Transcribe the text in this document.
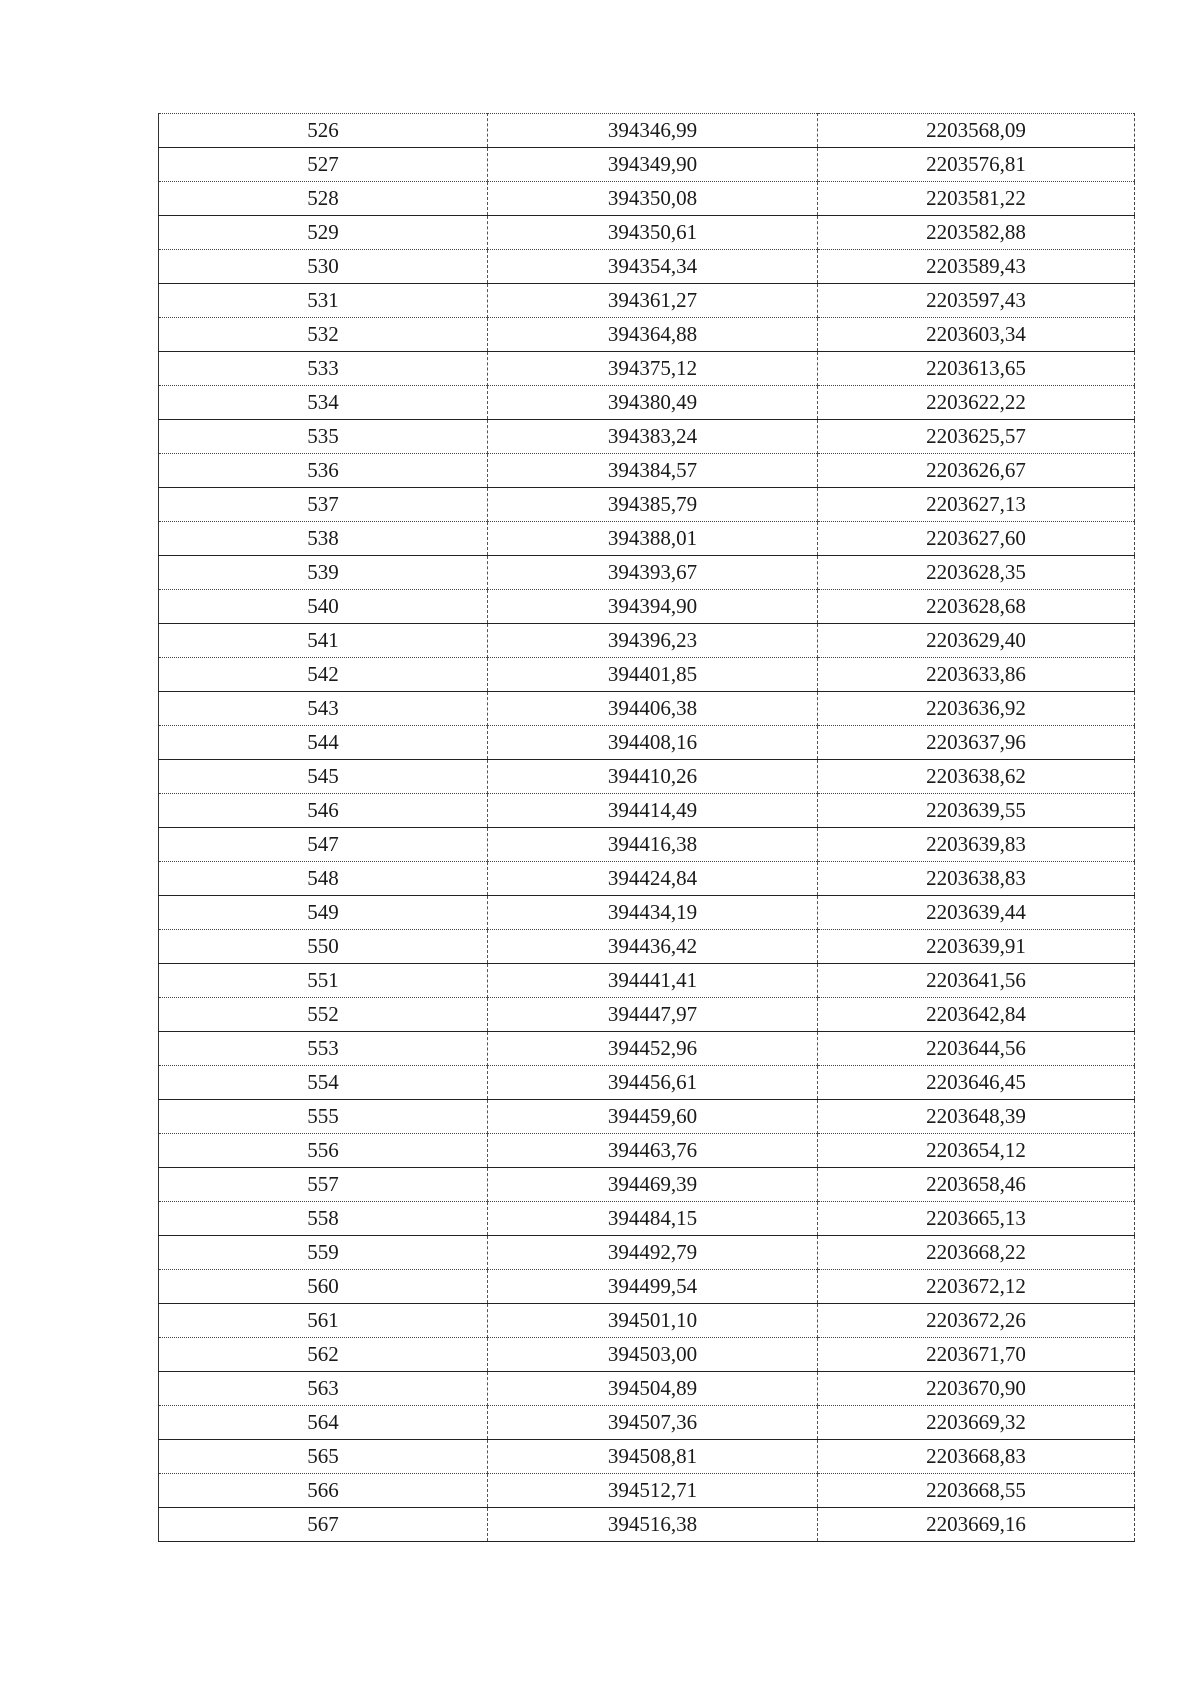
526	394346,99	2203568,09
527	394349,90	2203576,81
528	394350,08	2203581,22
529	394350,61	2203582,88
530	394354,34	2203589,43
531	394361,27	2203597,43
532	394364,88	2203603,34
533	394375,12	2203613,65
534	394380,49	2203622,22
535	394383,24	2203625,57
536	394384,57	2203626,67
537	394385,79	2203627,13
538	394388,01	2203627,60
539	394393,67	2203628,35
540	394394,90	2203628,68
541	394396,23	2203629,40
542	394401,85	2203633,86
543	394406,38	2203636,92
544	394408,16	2203637,96
545	394410,26	2203638,62
546	394414,49	2203639,55
547	394416,38	2203639,83
548	394424,84	2203638,83
549	394434,19	2203639,44
550	394436,42	2203639,91
551	394441,41	2203641,56
552	394447,97	2203642,84
553	394452,96	2203644,56
554	394456,61	2203646,45
555	394459,60	2203648,39
556	394463,76	2203654,12
557	394469,39	2203658,46
558	394484,15	2203665,13
559	394492,79	2203668,22
560	394499,54	2203672,12
561	394501,10	2203672,26
562	394503,00	2203671,70
563	394504,89	2203670,90
564	394507,36	2203669,32
565	394508,81	2203668,83
566	394512,71	2203668,55
567	394516,38	2203669,16
